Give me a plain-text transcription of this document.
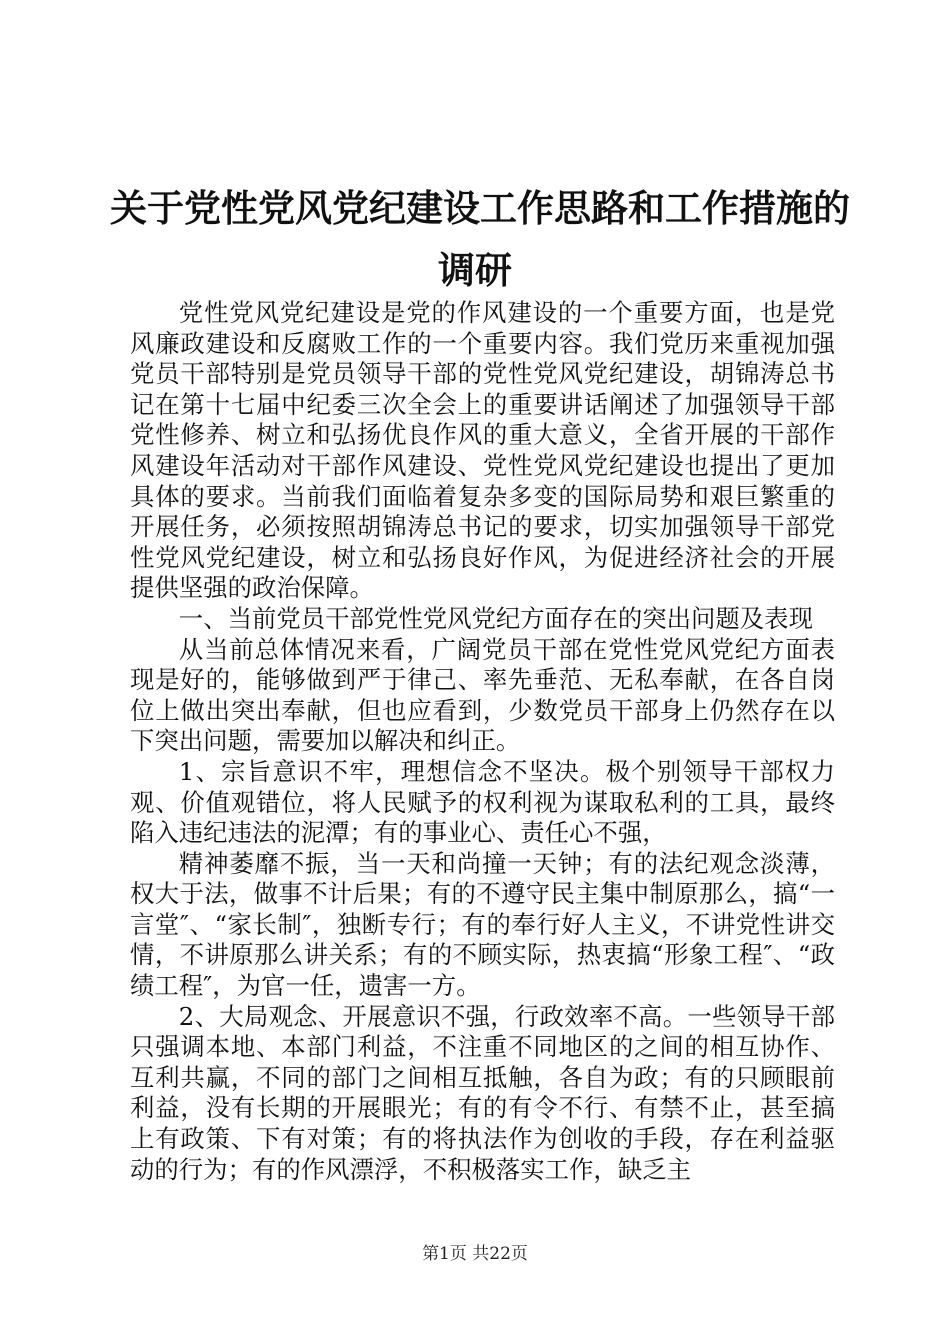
关于党性党风党纪建设工作思路和工作措施的
调研

党性党风党纪建设是党的作风建设的一个重要方面，也是党风廉政建设和反腐败工作的一个重要内容。我们党历来重视加强党员干部特别是党员领导干部的党性党风党纪建设，胡锦涛总书记在第十七届中纪委三次全会上的重要讲话阐述了加强领导干部党性修养、树立和弘扬优良作风的重大意义，全省开展的干部作风建设年活动对干部作风建设、党性党风党纪建设也提出了更加具体的要求。当前我们面临着复杂多变的国际局势和艰巨繁重的开展任务，必须按照胡锦涛总书记的要求，切实加强领导干部党性党风党纪建设，树立和弘扬良好作风，为促进经济社会的开展提供坚强的政治保障。

一、当前党员干部党性党风党纪方面存在的突出问题及表现

从当前总体情况来看，广阔党员干部在党性党风党纪方面表现是好的，能够做到严于律己、率先垂范、无私奉献，在各自岗位上做出突出奉献，但也应看到，少数党员干部身上仍然存在以下突出问题，需要加以解决和纠正。

1、宗旨意识不牢，理想信念不坚决。极个别领导干部权力观、价值观错位，将人民赋予的权利视为谋取私利的工具，最终陷入违纪违法的泥潭；有的事业心、责任心不强，

精神萎靡不振，当一天和尚撞一天钟；有的法纪观念淡薄，权大于法，做事不计后果；有的不遵守民主集中制原那么，搞“一言堂″、“家长制″，独断专行；有的奉行好人主义，不讲党性讲交情，不讲原那么讲关系；有的不顾实际，热衷搞“形象工程″、“政绩工程″，为官一任，遗害一方。

2、大局观念、开展意识不强，行政效率不高。一些领导干部只强调本地、本部门利益，不注重不同地区的之间的相互协作、互利共赢，不同的部门之间相互抵触，各自为政；有的只顾眼前利益，没有长期的开展眼光；有的有令不行、有禁不止，甚至搞上有政策、下有对策；有的将执法作为创收的手段，存在利益驱动的行为；有的作风漂浮，不积极落实工作，缺乏主

第1页 共22页
